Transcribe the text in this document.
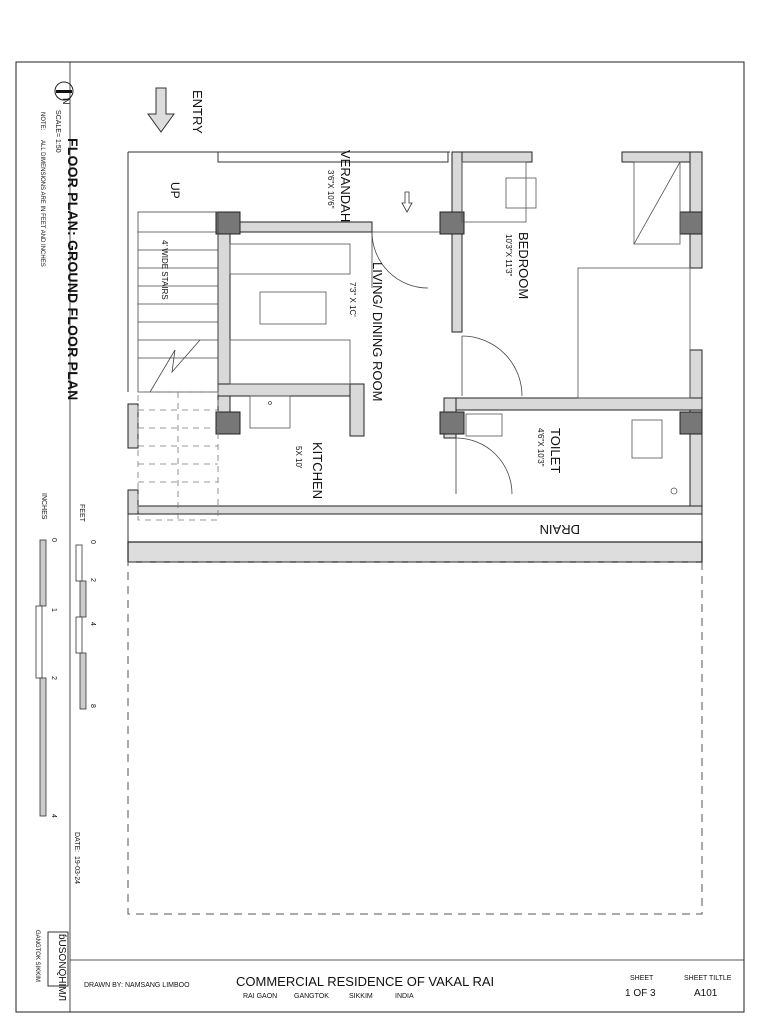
N
FLOOR PLAN: GROUND FLOOR PLAN
SCALE= 1:50
NOTE:
ALL DIMENSIONS ARE IN FEET AND INCHES
ENTRY
UP
4' WIDE STAIRS
VERANDAH
3'6"X 10'6"
LIVING/ DINING ROOM
7'3" X 1C'
BEDROOM
10'3"X 11'3"
KITCHEN
5X 10'	TOILET
4'6"X 10'3"
DRAIN
FEET
0
2
4
8
INCHES
0
1
2
4
DATE:
19-03-24
ɓUSONQHIMЛ
GANGTOK SIKKIM
DRAWN BY: NAMSANG LIMBOO	COMMERCIAL RESIDENCE OF VAKAL RAI
RAI GAON GANGTOK	SIKKIM	INDIA
SHEET
1 OF 3
SHEET TILTLE
A101
